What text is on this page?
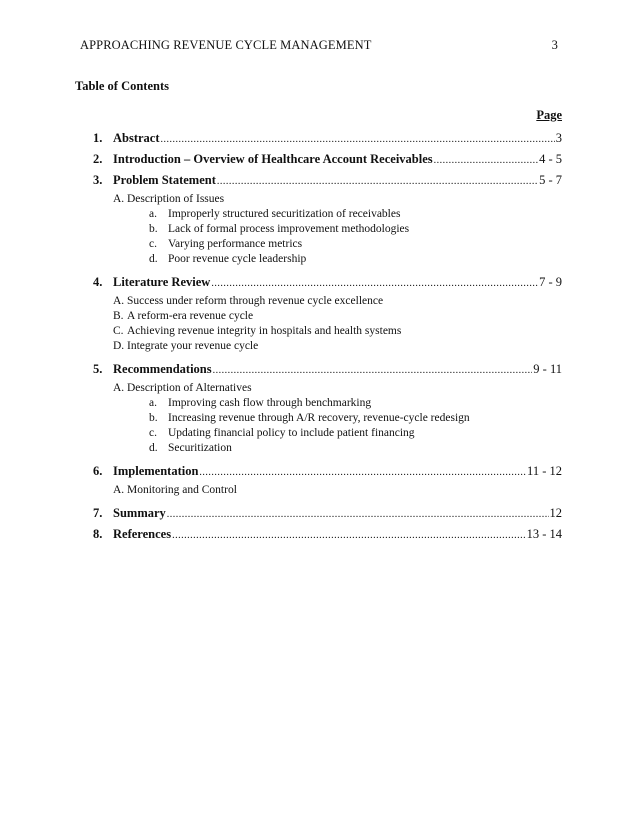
APPROACHING REVENUE CYCLE MANAGEMENT	3
Table of Contents
Page
1. Abstract .....	3
2. Introduction – Overview of Healthcare Account Receivables .....	4 - 5
3. Problem Statement .....	5 - 7
A. Description of Issues
a. Improperly structured securitization of receivables
b. Lack of formal process improvement methodologies
c. Varying performance metrics
d. Poor revenue cycle leadership
4. Literature Review .....	7 - 9
A. Success under reform through revenue cycle excellence
B. A reform-era revenue cycle
C. Achieving revenue integrity in hospitals and health systems
D. Integrate your revenue cycle
5. Recommendations .....	9 - 11
A. Description of Alternatives
a. Improving cash flow through benchmarking
b. Increasing revenue through A/R recovery, revenue-cycle redesign
c. Updating financial policy to include patient financing
d. Securitization
6. Implementation .....	11 - 12
A. Monitoring and Control
7. Summary .....	12
8. References .....	13 - 14
